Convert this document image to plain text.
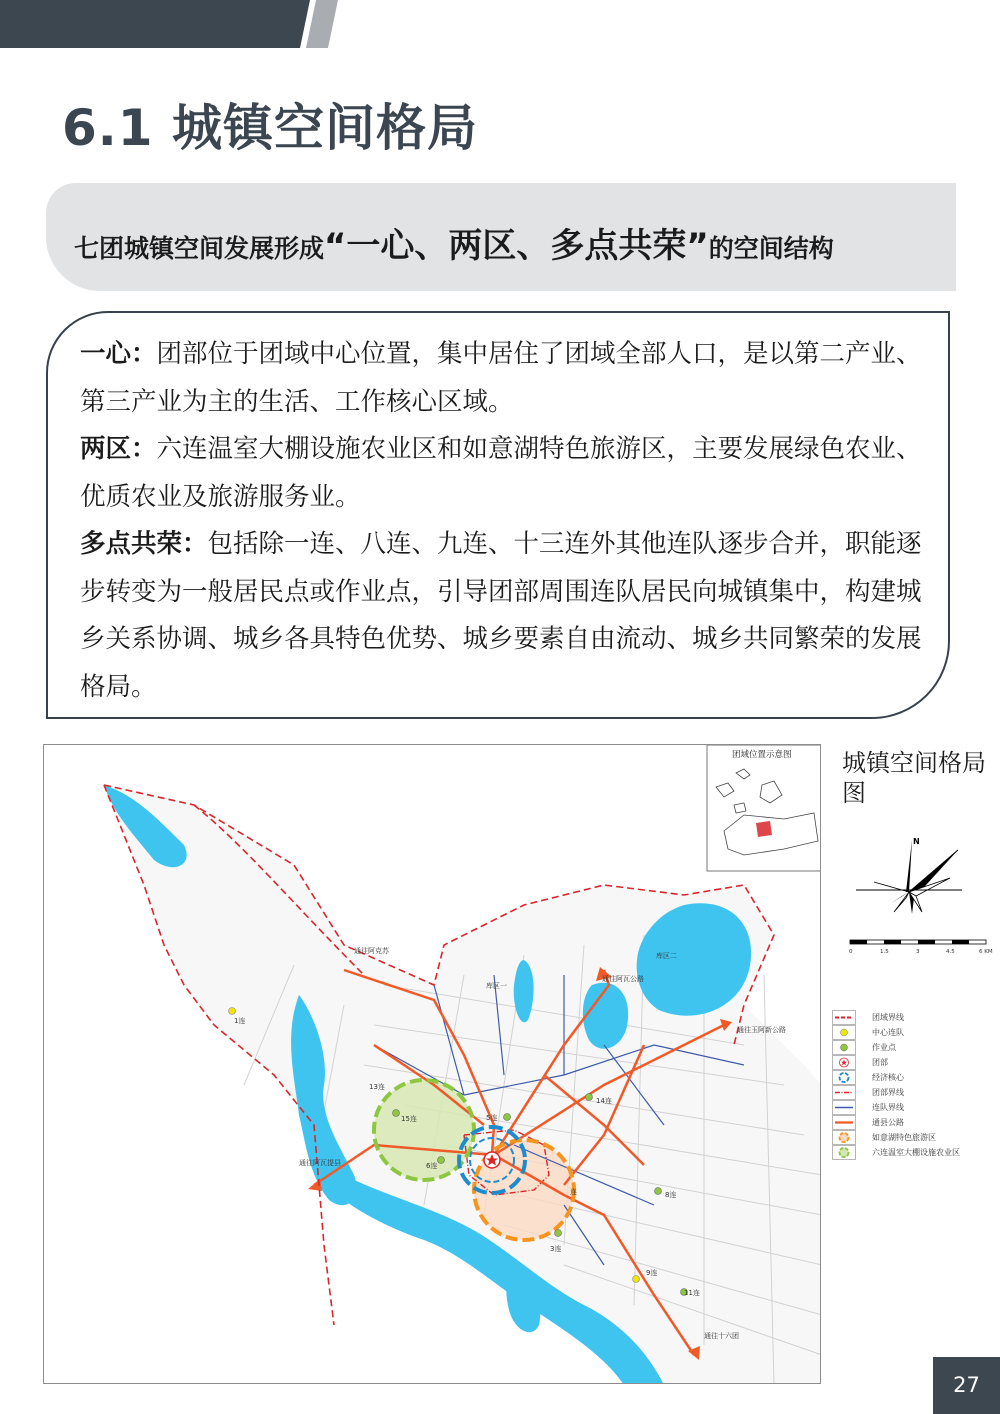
6.1 城镇空间格局
七团城镇空间发展形成“一心、两区、多点共荣”的空间结构
一心：团部位于团域中心位置，集中居住了团域全部人口，是以第二产业、第三产业为主的生活、工作核心区域。
两区：六连温室大棚设施农业区和如意湖特色旅游区，主要发展绿色农业、优质农业及旅游服务业。
多点共荣：包括除一连、八连、九连、十三连外其他连队逐步合并，职能逐步转变为一般居民点或作业点，引导团部周围连队居民向城镇集中，构建城乡关系协调、城乡各具特色优势、城乡要素自由流动、城乡共同繁荣的发展格局。
通往阿克苏
通往阿瓦公路
通往玉阿新公路
通往阿瓦提县
通往十六团
库区一
库区二
1连
13连
15连	5连
6连
14连
8连
3连
9连
11连
连
团域位置示意图 城镇空间格局图
N
0	1.5	3	4.5	6 KM
团域界线
中心连队
作业点
团部
经济核心
团部界线
连队界线
通县公路
如意湖特色旅游区
六连温室大棚设施农业区
27
